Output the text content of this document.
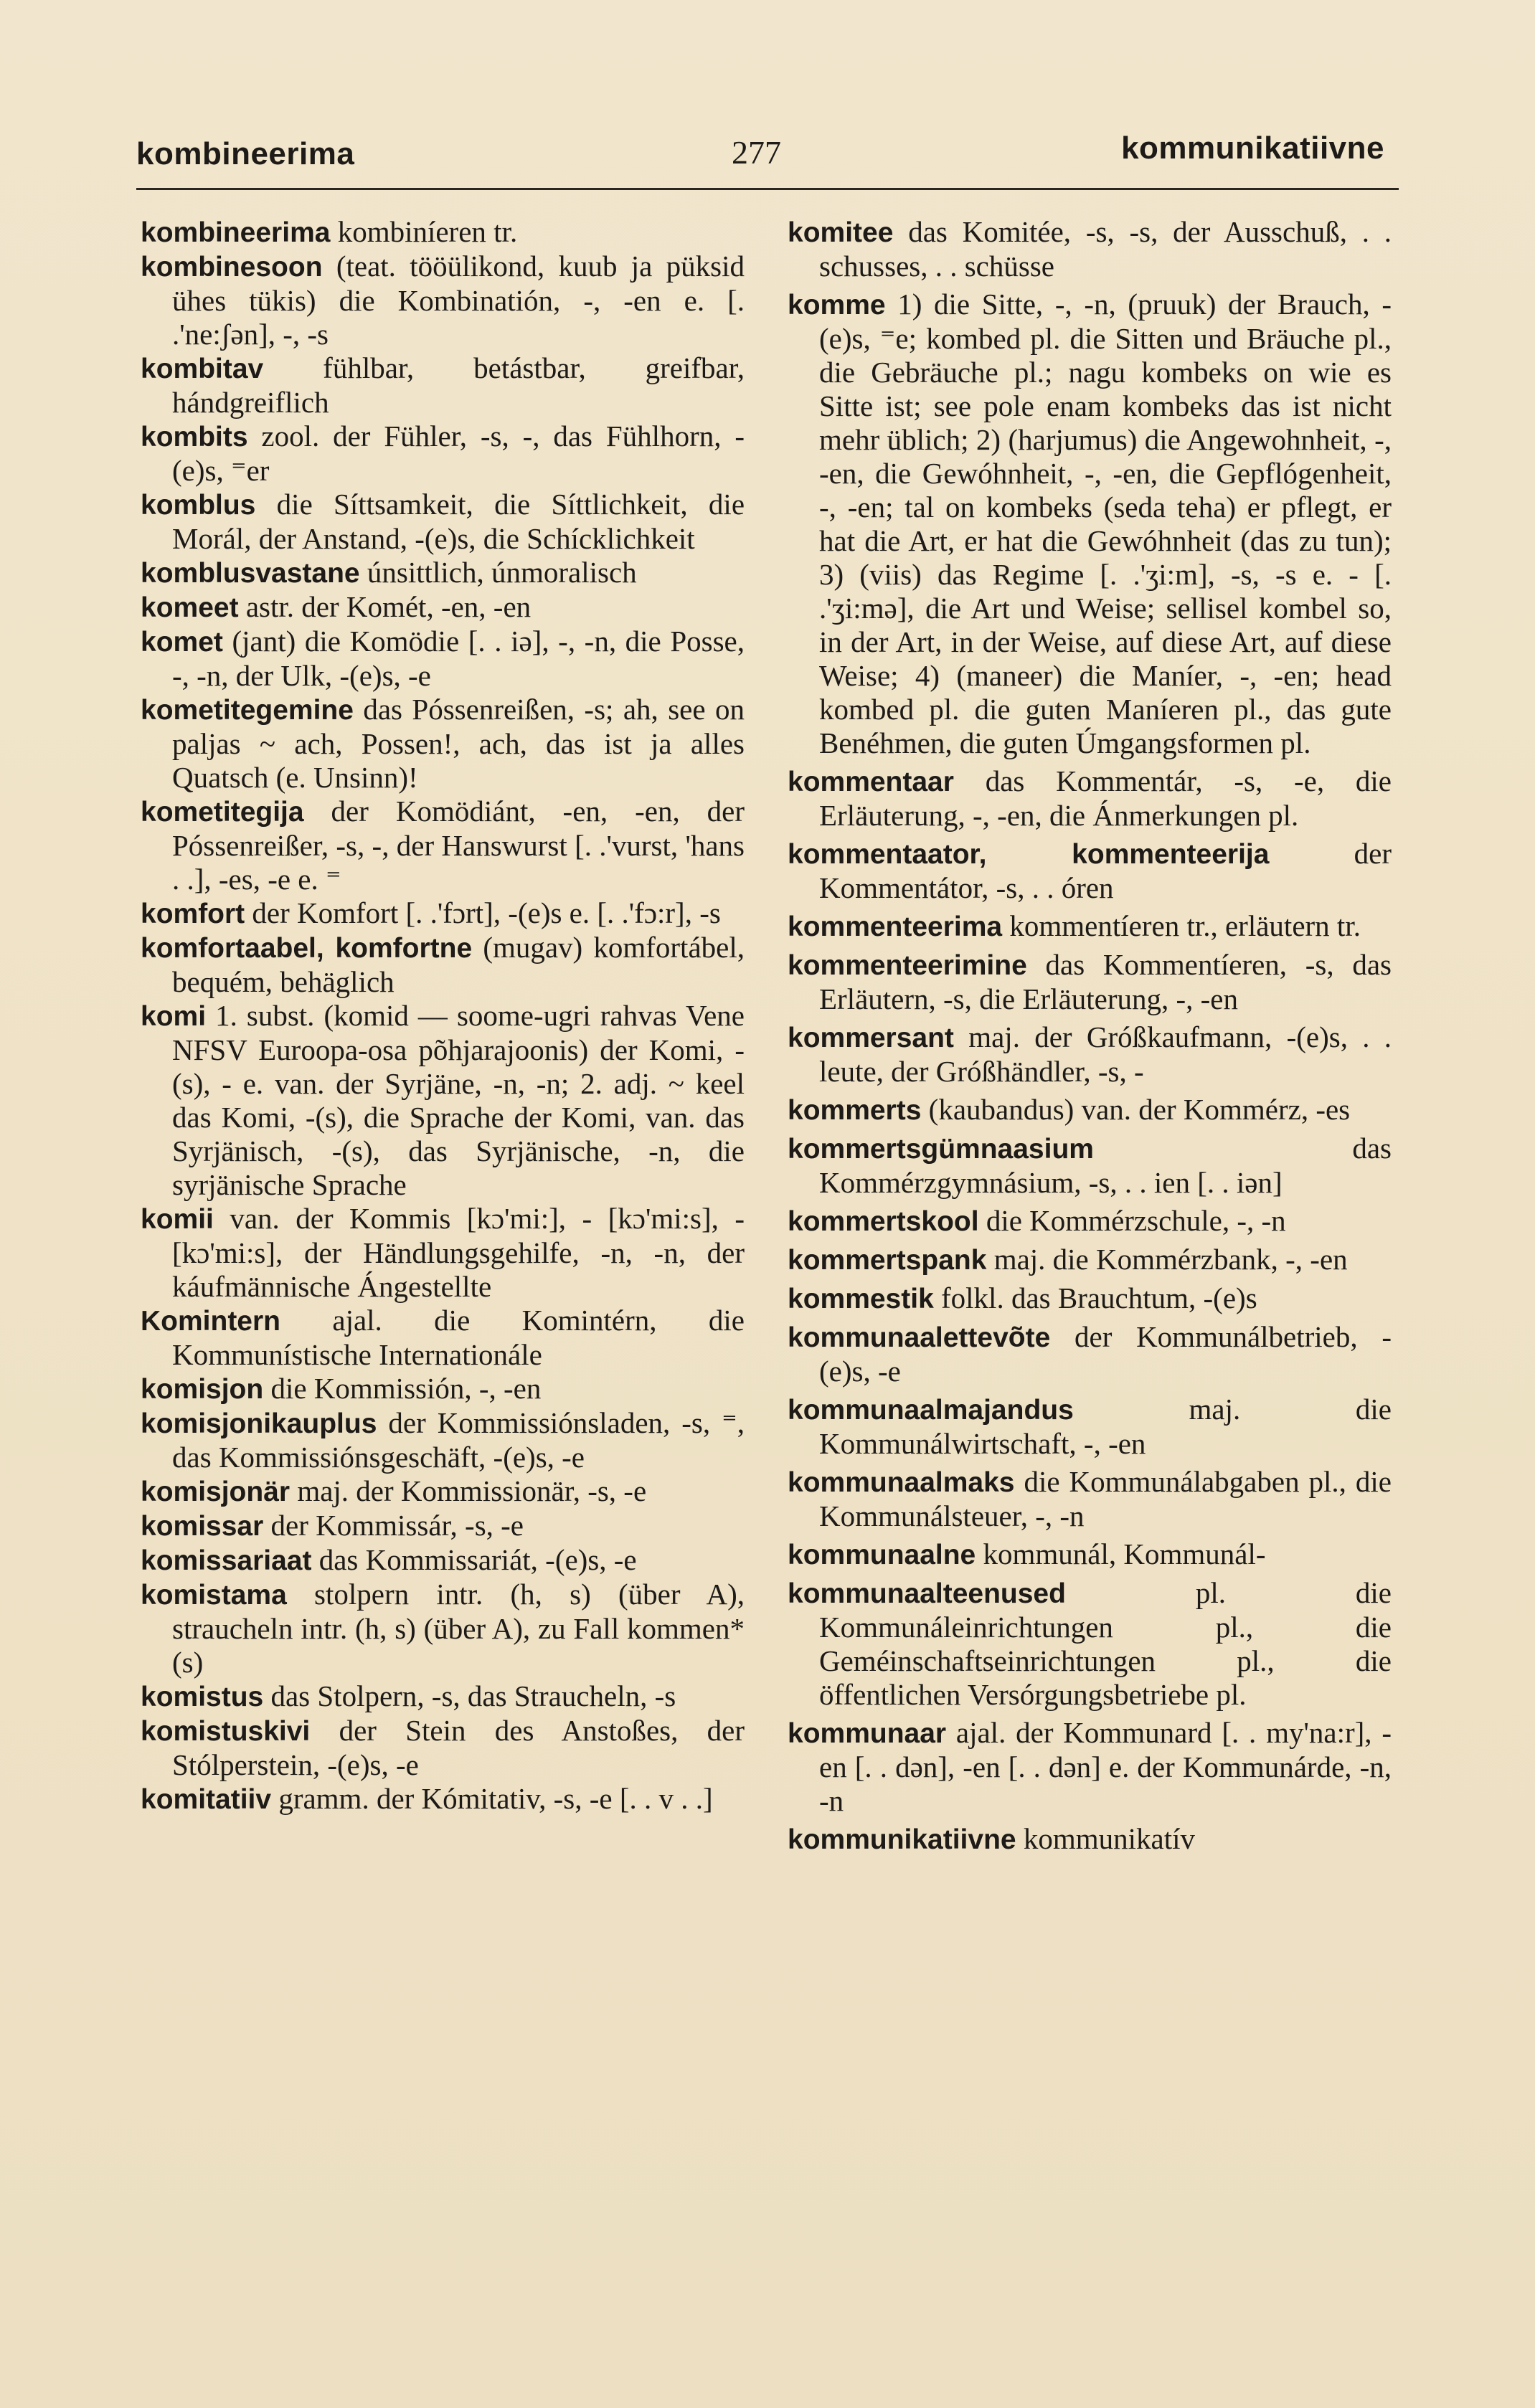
kombineerima	277	kommunikatiivne
kombineerima kombiníeren tr.
kombinesoon (teat. tööülikond, kuub ja püksid ühes tükis) die Kombinatión, -, -en e. [. .'ne:ʃən], -, -s
kombitav fühlbar, betástbar, greifbar, hándgreiflich
kombits zool. der Fühler, -s, -, das Fühlhorn, -(e)s, ⁼er
komblus die Síttsamkeit, die Síttlichkeit, die Morál, der Anstand, -(e)s, die Schícklichkeit
komblusvastane únsittlich, únmoralisch
komeet astr. der Komét, -en, -en
komet (jant) die Komödie [. . iə], -, -n, die Posse, -, -n, der Ulk, -(e)s, -e
kometitegemine das Póssenreißen, -s; ah, see on paljas ~ ach, Possen!, ach, das ist ja alles Quatsch (e. Unsinn)!
kometitegija der Komödiánt, -en, -en, der Póssenreißer, -s, -, der Hanswurst [. .'vurst, 'hans . .], -es, -e e. ⁼
komfort der Komfort [. .'fɔrt], -(e)s e. [. .'fɔ:r], -s
komfortaabel, komfortne (mugav) komfortábel, bequém, behäglich
komi 1. subst. (komid — soome-ugri rahvas Vene NFSV Euroopa-osa põhjarajoonis) der Komi, -(s), - e. van. der Syrjäne, -n, -n; 2. adj. ~ keel das Komi, -(s), die Sprache der Komi, van. das Syrjänisch, -(s), das Syrjänische, -n, die syrjänische Sprache
komii van. der Kommis [kɔ'mi:], - [kɔ'mi:s], - [kɔ'mi:s], der Händlungsgehilfe, -n, -n, der káufmännische Ángestellte
Komintern ajal. die Komintérn, die Kommunístische Internationále
komisjon die Kommissión, -, -en
komisjonikauplus der Kommissiónsladen, -s, ⁼, das Kommissiónsgeschäft, -(e)s, -e
komisjonär maj. der Kommissionär, -s, -e
komissar der Kommissár, -s, -e
komissariaat das Kommissariát, -(e)s, -e
komistama stolpern intr. (h, s) (über A), straucheln intr. (h, s) (über A), zu Fall kommen* (s)
komistus das Stolpern, -s, das Straucheln, -s
komistuskivi der Stein des Anstoßes, der Stólperstein, -(e)s, -e
komitatiiv gramm. der Kómitativ, -s, -e [. . v . .]
komitee das Komitée, -s, -s, der Ausschuß, . . schusses, . . schüsse
komme 1) die Sitte, -, -n, (pruuk) der Brauch, -(e)s, ⁼e; kombed pl. die Sitten und Bräuche pl., die Gebräuche pl.; nagu kombeks on wie es Sitte ist; see pole enam kombeks das ist nicht mehr üblich; 2) (harjumus) die Angewohnheit, -, -en, die Gewóhnheit, -, -en, die Gepflógenheit, -, -en; tal on kombeks (seda teha) er pflegt, er hat die Art, er hat die Gewóhnheit (das zu tun); 3) (viis) das Regime [. .'ʒi:m], -s, -s e. - [. .'ʒi:mə], die Art und Weise; sellisel kombel so, in der Art, in der Weise, auf diese Art, auf diese Weise; 4) (maneer) die Maníer, -, -en; head kombed pl. die guten Maníeren pl., das gute Benéhmen, die guten Úmgangsformen pl.
kommentaar das Kommentár, -s, -e, die Erläuterung, -, -en, die Ánmerkungen pl.
kommentaator, kommenteerija	der Kommentátor, -s, . . óren
kommenteerima kommentíeren tr., erläutern tr.
kommenteerimine das Kommentíeren, -s, das Erläutern, -s, die Erläuterung, -, -en
kommersant maj. der Gróßkaufmann, -(e)s, . . leute, der Gróßhändler, -s, -
kommerts (kaubandus) van. der Kommérz, -es
kommertsgümnaasium	das Kommérzgymnásium, -s, . . ien [. . iən]
kommertskool die Kommérzschule, -, -n
kommertspank maj. die Kommérzbank, -, -en
kommestik folkl. das Brauchtum, -(e)s
kommunaalettevõte der Kommunálbetrieb, -(e)s, -e
kommunaalmajandus	maj. die Kommunálwirtschaft, -, -en
kommunaalmaks die Kommunálabgaben pl., die Kommunálsteuer, -, -n
kommunaalne kommunál, Kommunál-
kommunaalteenused	pl. die Kommunáleinrichtungen pl., die Geméinschaftseinrichtungen pl., die öffentlichen Versórgungsbetriebe pl.
kommunaar ajal. der Kommunard [. . my'na:r], -en [. . dən], -en [. . dən] e. der Kommunárde, -n, -n
kommunikatiivne kommunikatív
